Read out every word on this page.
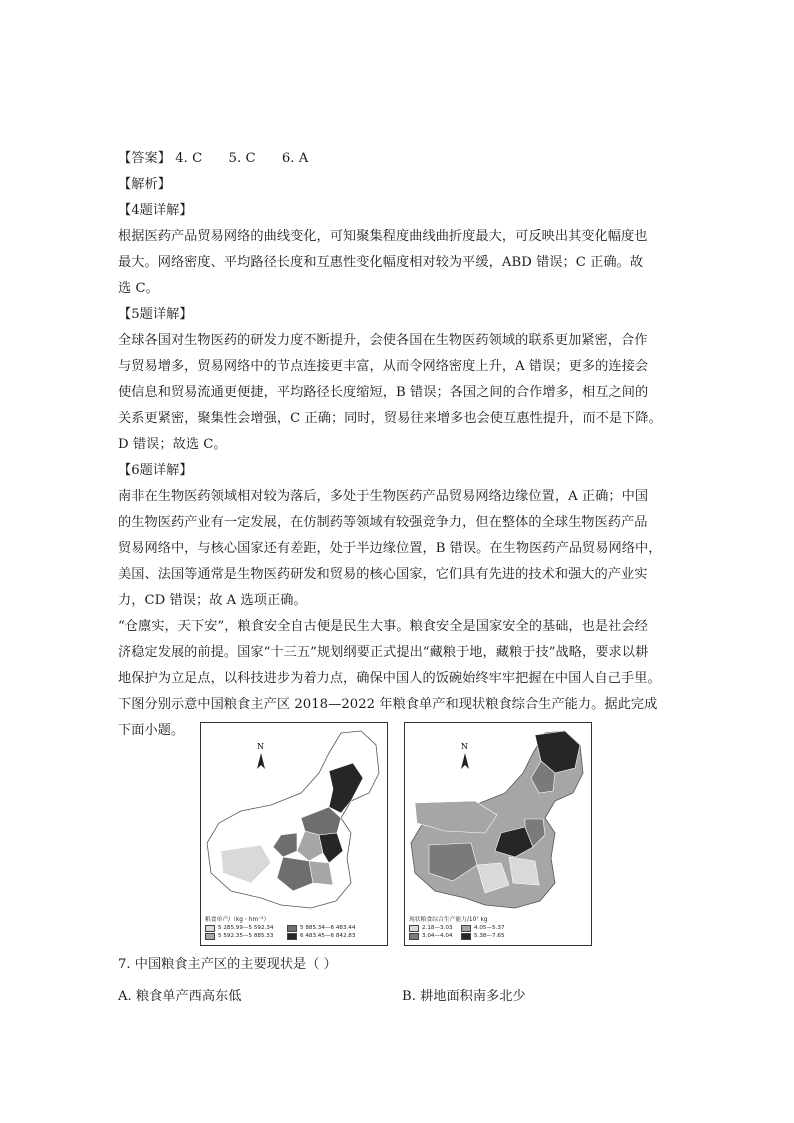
【答案】 4. C 5. C 6. A
【解析】
【4题详解】
根据医药产品贸易网络的曲线变化，可知聚集程度曲线曲折度最大，可反映出其变化幅度也
最大。网络密度、平均路径长度和互惠性变化幅度相对较为平缓，ABD 错误；C 正确。故
选 C。
【5题详解】
全球各国对生物医药的研发力度不断提升，会使各国在生物医药领域的联系更加紧密，合作
与贸易增多，贸易网络中的节点连接更丰富，从而令网络密度上升，A 错误；更多的连接会
使信息和贸易流通更便捷，平均路径长度缩短，B 错误；各国之间的合作增多，相互之间的
关系更紧密，聚集性会增强，C 正确；同时，贸易往来增多也会使互惠性提升，而不是下降。
D 错误；故选 C。
【6题详解】
南非在生物医药领域相对较为落后，多处于生物医药产品贸易网络边缘位置，A 正确；中国
的生物医药产业有一定发展，在仿制药等领域有较强竞争力，但在整体的全球生物医药产品
贸易网络中，与核心国家还有差距，处于半边缘位置，B 错误。在生物医药产品贸易网络中，
美国、法国等通常是生物医药研发和贸易的核心国家，它们具有先进的技术和强大的产业实
力，CD 错误；故 A 选项正确。
“仓廪实，天下安”，粮食安全自古便是民生大事。粮食安全是国家安全的基础，也是社会经
济稳定发展的前提。国家“十三五”规划纲要正式提出“藏粮于地，藏粮于技”战略，要求以耕
地保护为立足点，以科技进步为着力点，确保中国人的饭碗始终牢牢把握在中国人自己手里。
下图分别示意中国粮食主产区 2018—2022 年粮食单产和现状粮食综合生产能力。据此完成
下面小题。
N
粮食单产/（kg・hm⁻²）
5 285.99—5 592.34	5 885.34—6 483.44
5 592.35—5 885.33	6 483.45—6 842.83
N
现状粮食综合生产能力/10⁷ kg
2.18—3.03	4.05—5.37
3.04—4.04	5.38—7.65
7. 中国粮食主产区的主要现状是（ ）
A. 粮食单产西高东低	B. 耕地面积南多北少
